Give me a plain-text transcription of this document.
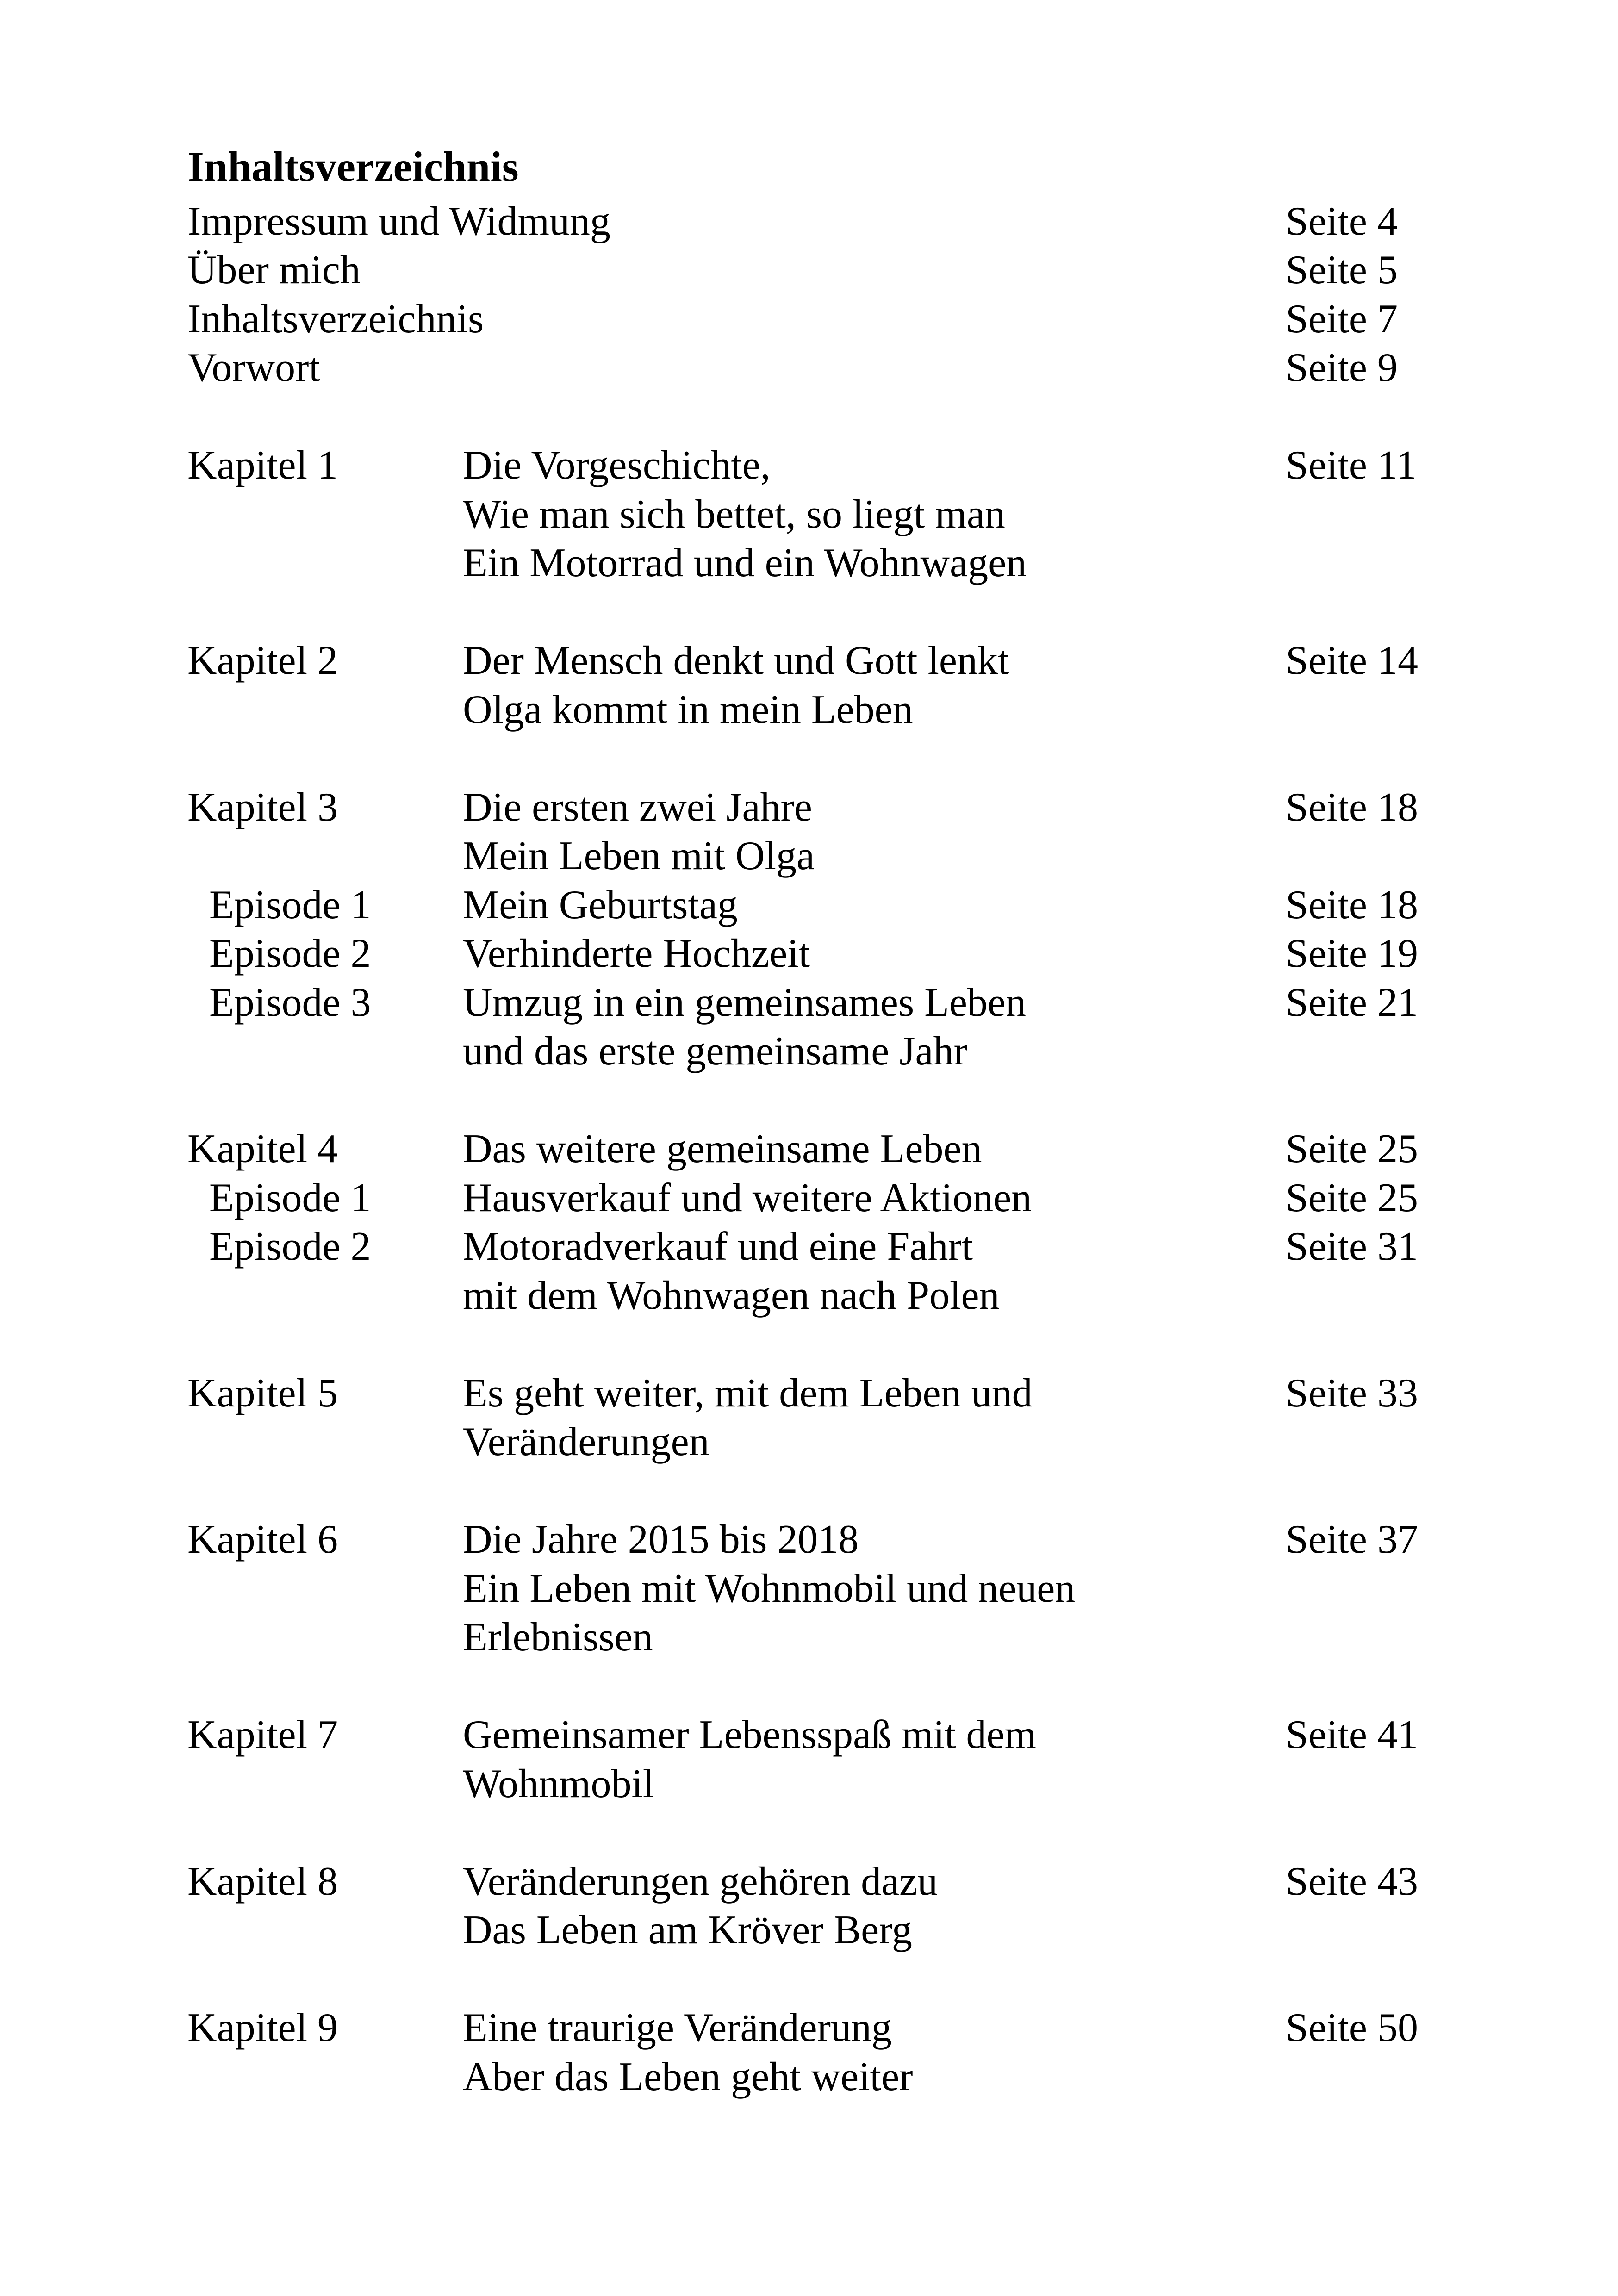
Inhaltsverzeichnis
Impressum und Widmung	Seite 4
Über mich	Seite 5
Inhaltsverzeichnis	Seite 7
Vorwort	Seite 9
Kapitel 1	Die Vorgeschichte,	Seite 11
Wie man sich bettet, so liegt man
Ein Motorrad und ein Wohnwagen
Kapitel 2	Der Mensch denkt und Gott lenkt	Seite 14
Olga kommt in mein Leben
Kapitel 3	Die ersten zwei Jahre	Seite 18
Mein Leben mit Olga
Episode 1 Mein Geburtstag	Seite 18
Episode 2 Verhinderte Hochzeit	Seite 19
Episode 3 Umzug in ein gemeinsames Leben	Seite 21
und das erste gemeinsame Jahr
Kapitel 4	Das weitere gemeinsame Leben	Seite 25
Episode 1 Hausverkauf und weitere Aktionen	Seite 25
Episode 2 Motoradverkauf und eine Fahrt	Seite 31
mit dem Wohnwagen nach Polen
Kapitel 5	Es geht weiter, mit dem Leben und	Seite 33
Veränderungen
Kapitel 6	Die Jahre 2015 bis 2018	Seite 37
Ein Leben mit Wohnmobil und neuen
Erlebnissen
Kapitel 7	Gemeinsamer Lebensspaß mit dem	Seite 41
Wohnmobil
Kapitel 8	Veränderungen gehören dazu	Seite 43
Das Leben am Kröver Berg
Kapitel 9	Eine traurige Veränderung	Seite 50
Aber das Leben geht weiter
